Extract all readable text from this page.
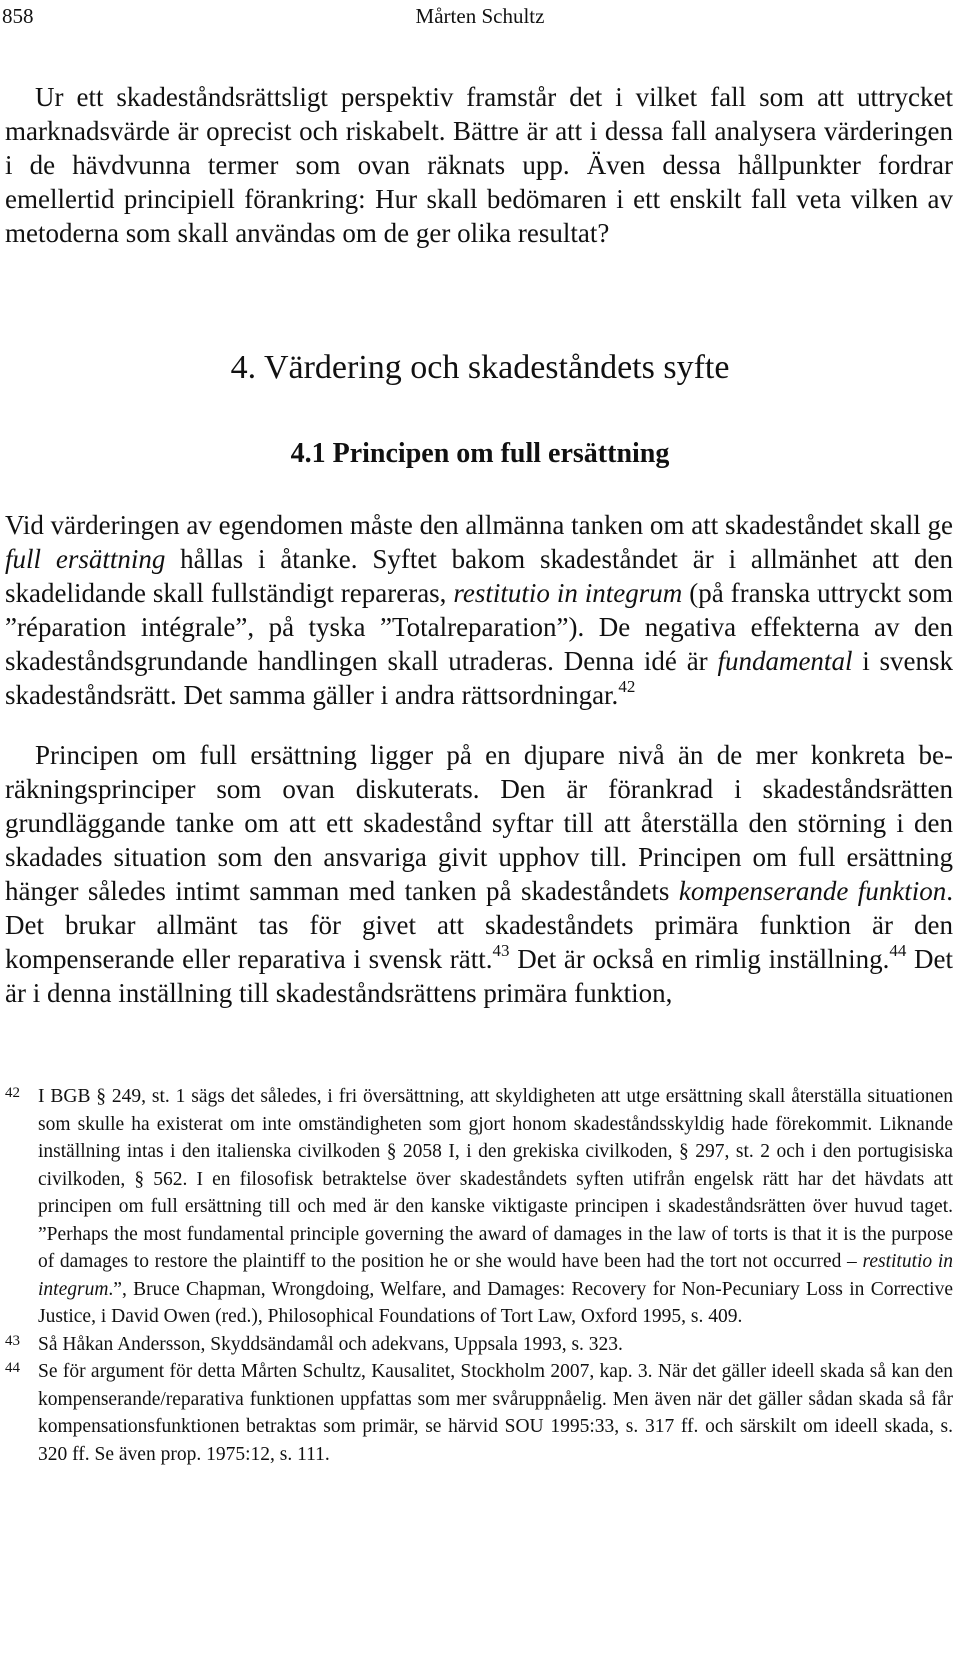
858	Mårten Schultz

Ur ett skadeståndsrättsligt perspektiv framstår det i vilket fall som att uttrycket marknadsvärde är oprecist och riskabelt. Bättre är att i dessa fall analysera värderingen i de hävdvunna termer som ovan räknats upp. Även dessa hållpunkter fordrar emellertid principiell förankring: Hur skall bedömaren i ett enskilt fall veta vilken av metoderna som skall användas om de ger olika resultat?

4. Värdering och skadeståndets syfte
4.1 Principen om full ersättning

Vid värderingen av egendomen måste den allmänna tanken om att skadeståndet skall ge full ersättning hållas i åtanke. Syftet bakom skadeståndet är i allmänhet att den skadelidande skall fullständigt repareras, restitutio in integrum (på franska uttryckt som ”réparation intégrale”, på tyska ”Totalreparation”). De negativa effekterna av den skadeståndsgrundande handlingen skall utraderas. Denna idé är fundamental i svensk skadeståndsrätt. Det samma gäller i andra rättsordningar.$^{42}$

Principen om full ersättning ligger på en djupare nivå än de mer konkreta beräkningsprinciper som ovan diskuterats. Den är förankrad i skadeståndsrätten grundläggande tanke om att ett skadestånd syftar till att återställa den störning i den skadades situation som den ansvariga givit upphov till. Principen om full ersättning hänger således intimt samman med tanken på skadeståndets kompenserande funktion. Det brukar allmänt tas för givet att skadeståndets primära funktion är den kompenserande eller reparativa i svensk rätt.$^{43}$ Det är också en rimlig inställning.$^{44}$ Det är i denna inställning till skadeståndsrättens primära funktion,

42 I BGB § 249, st. 1 sägs det således, i fri översättning, att skyldigheten att utge ersättning skall återställa situationen som skulle ha existerat om inte omständigheten som gjort honom skadeståndsskyldig hade förekommit. Liknande inställning intas i den italienska civilkoden § 2058 I, i den grekiska civilkoden, § 297, st. 2 och i den portugisiska civilkoden, § 562. I en filosofisk betraktelse över skadeståndets syften utifrån engelsk rätt har det hävdats att principen om full ersättning till och med är den kanske viktigaste principen i skadeståndsrätten över huvud taget. ”Perhaps the most fundamental principle governing the award of damages in the law of torts is that it is the purpose of damages to restore the plaintiff to the position he or she would have been had the tort not occurred – restitutio in integrum.”, Bruce Chapman, Wrongdoing, Welfare, and Damages: Recovery for Non-Pecuniary Loss in Corrective Justice, i David Owen (red.), Philosophical Foundations of Tort Law, Oxford 1995, s. 409.
43 Så Håkan Andersson, Skyddsändamål och adekvans, Uppsala 1993, s. 323.
44 Se för argument för detta Mårten Schultz, Kausalitet, Stockholm 2007, kap. 3. När det gäller ideell skada så kan den kompenserande/reparativa funktionen uppfattas som mer svåruppnåelig. Men även när det gäller sådan skada så får kompensationsfunktionen betraktas som primär, se härvid SOU 1995:33, s. 317 ff. och särskilt om ideell skada, s. 320 ff. Se även prop. 1975:12, s. 111.
